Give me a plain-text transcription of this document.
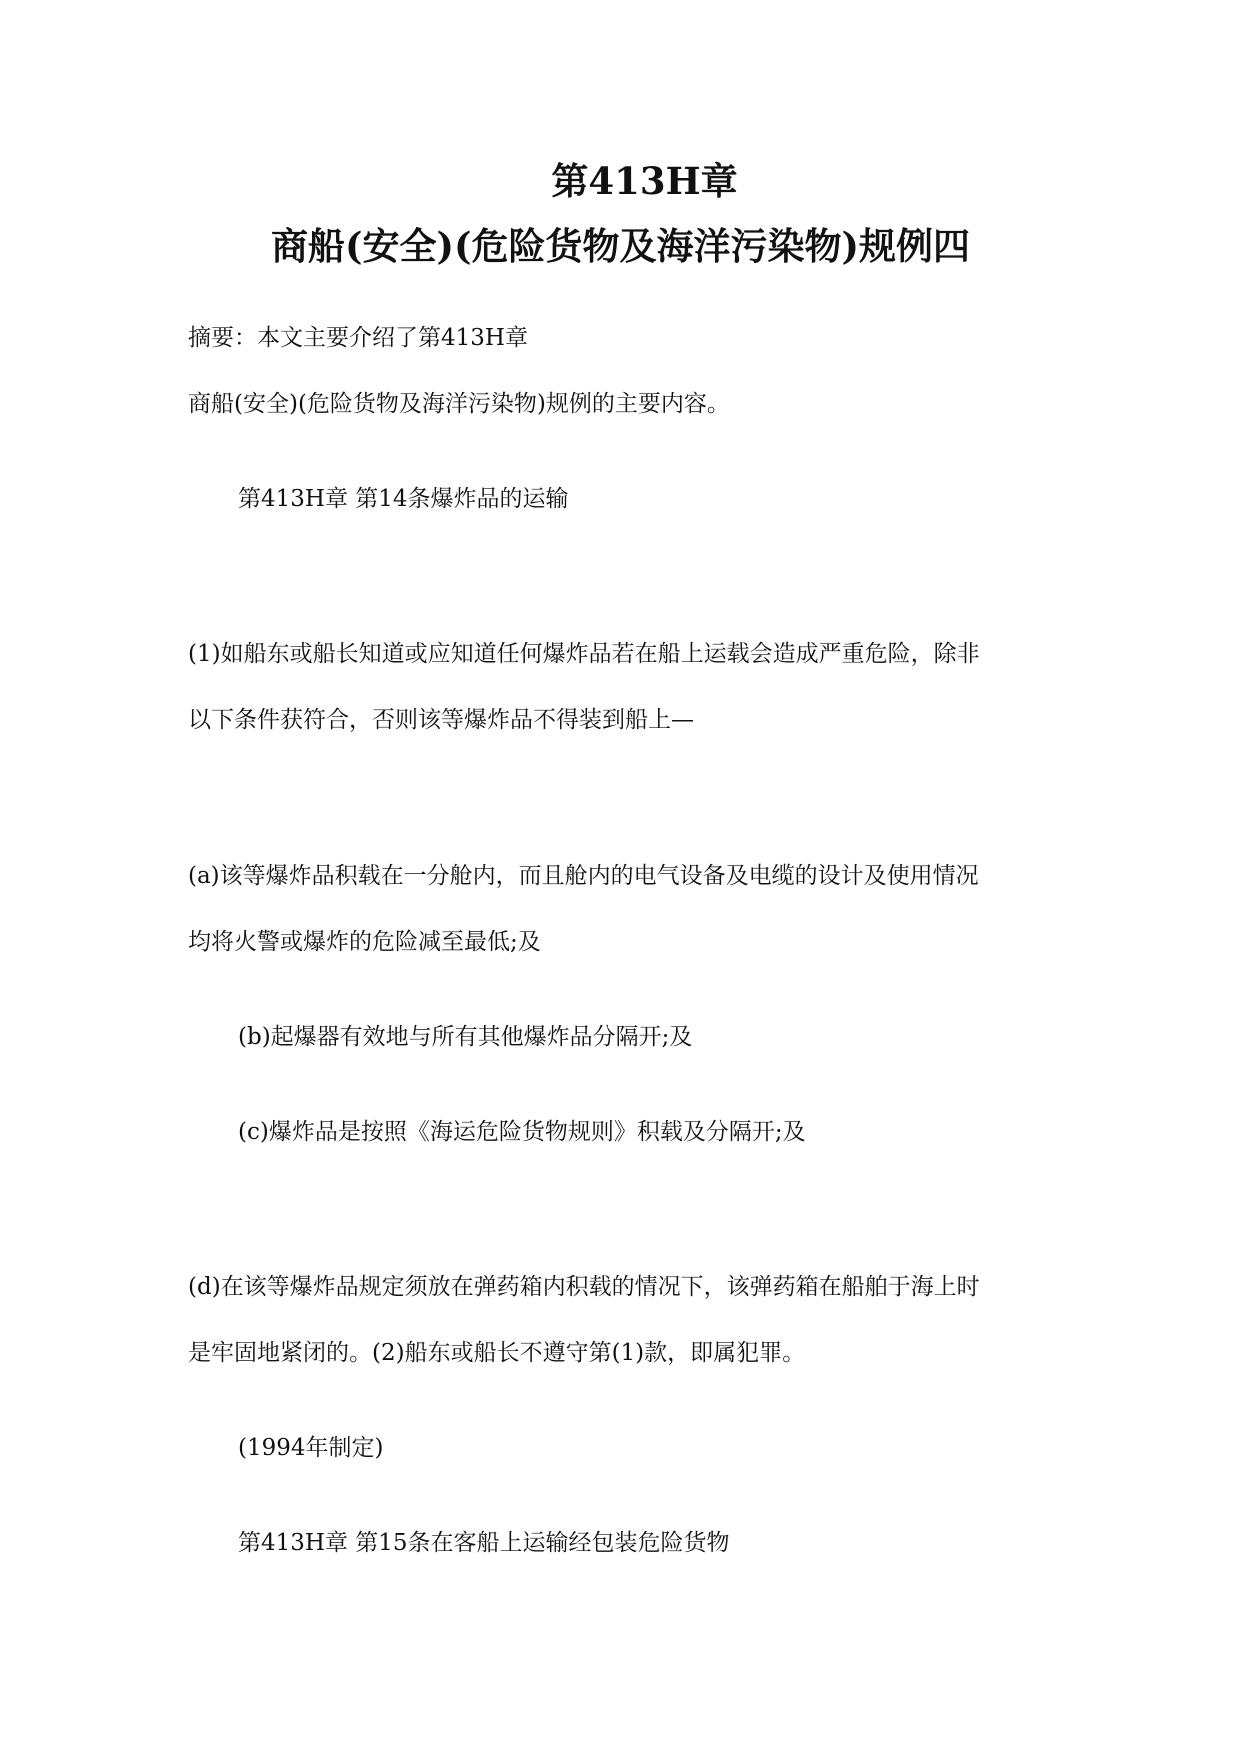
第413H章
商船(安全)(危险货物及海洋污染物)规例四

摘要：本文主要介绍了第413H章

商船(安全)(危险货物及海洋污染物)规例的主要内容。

第413H章 第14条爆炸品的运输

(1)如船东或船长知道或应知道任何爆炸品若在船上运载会造成严重危险，除非

以下条件获符合，否则该等爆炸品不得装到船上—

(a)该等爆炸品积载在一分舱内，而且舱内的电气设备及电缆的设计及使用情况

均将火警或爆炸的危险减至最低;及

(b)起爆器有效地与所有其他爆炸品分隔开;及

(c)爆炸品是按照《海运危险货物规则》积载及分隔开;及

(d)在该等爆炸品规定须放在弹药箱内积载的情况下，该弹药箱在船舶于海上时

是牢固地紧闭的。(2)船东或船长不遵守第(1)款，即属犯罪。

(1994年制定)

第413H章 第15条在客船上运输经包装危险货物
